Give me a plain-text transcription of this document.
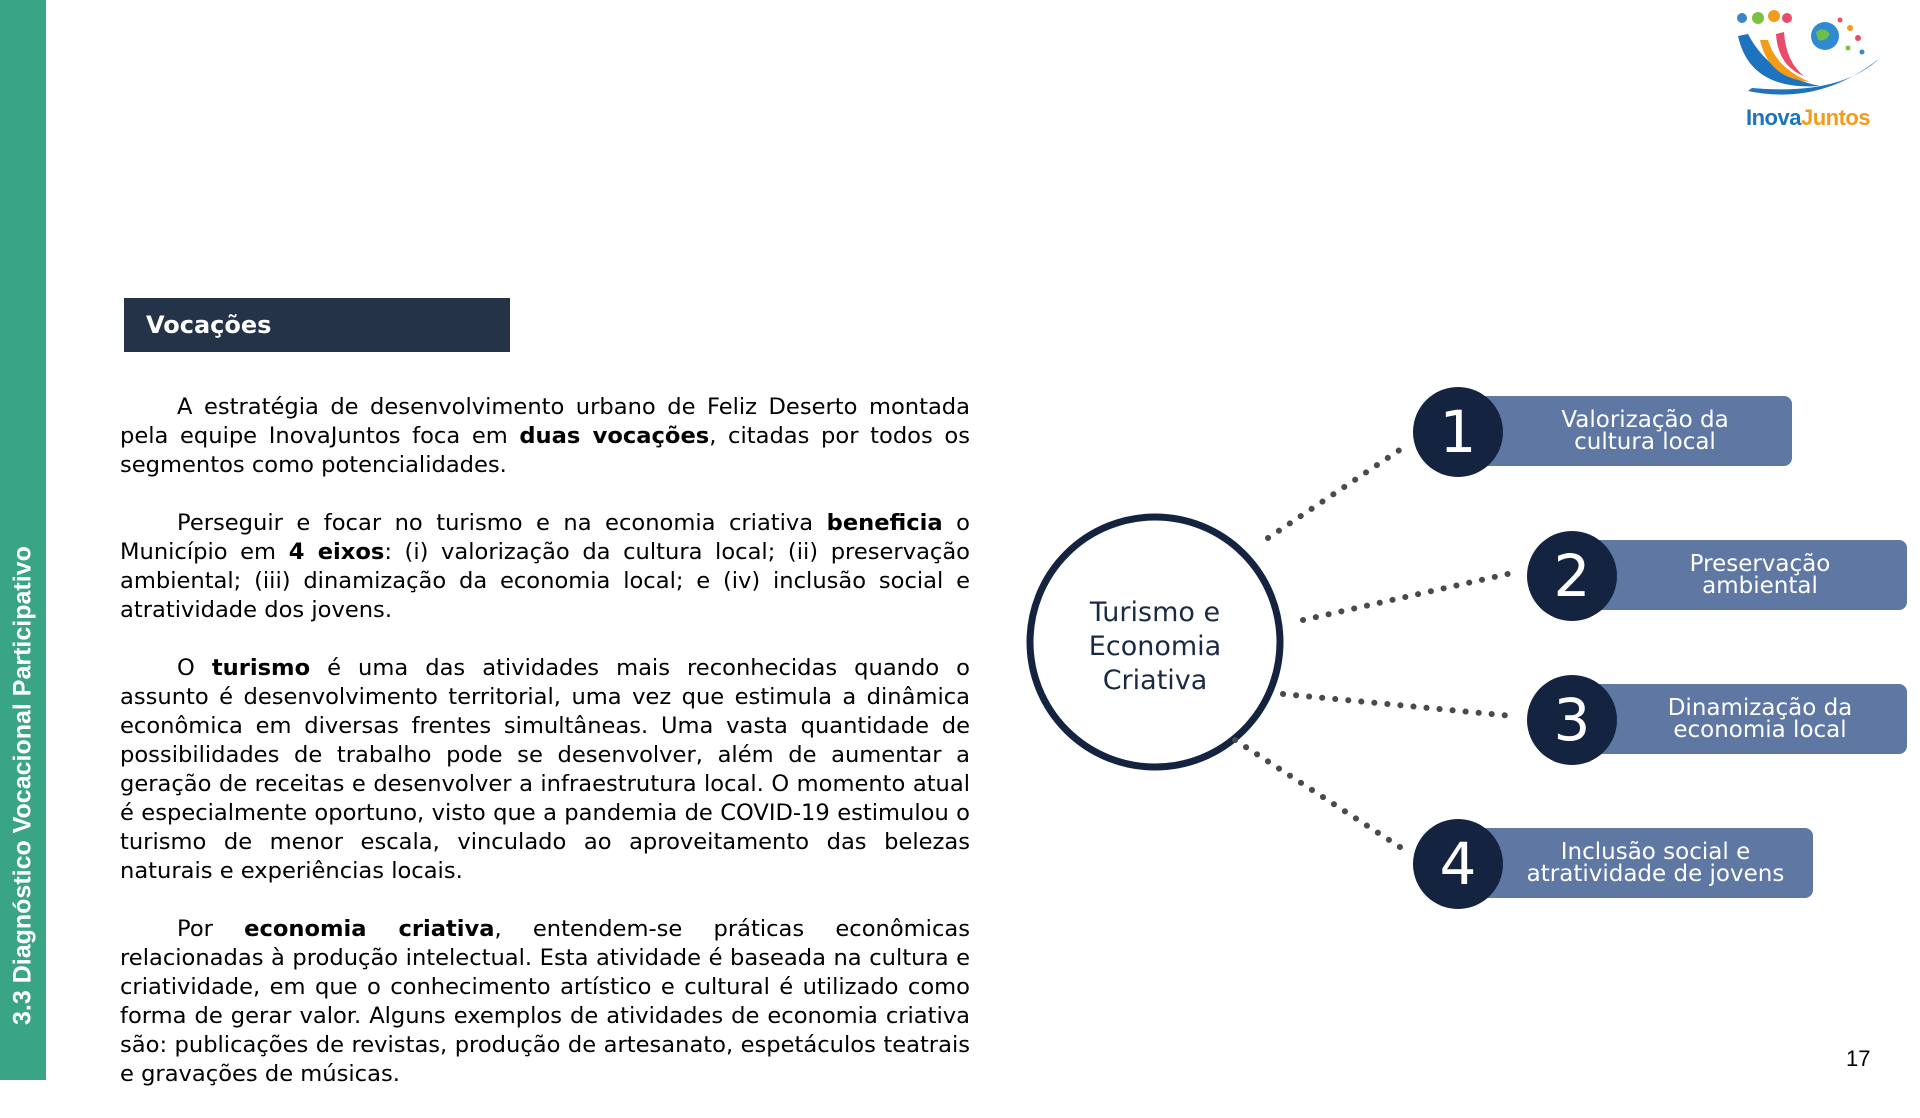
3.3 Diagnóstico Vocacional Participativo
InovaJuntos
Vocações

A estratégia de desenvolvimento urbano de Feliz Deserto montada pela equipe InovaJuntos foca em duas vocações, citadas por todos os segmentos como potencialidades.

Perseguir e focar no turismo e na economia criativa beneficia o Município em 4 eixos: (i) valorização da cultura local; (ii) preservação ambiental; (iii) dinamização da economia local; e (iv) inclusão social e atratividade dos jovens.

O turismo é uma das atividades mais reconhecidas quando o assunto é desenvolvimento territorial, uma vez que estimula a dinâmica econômica em diversas frentes simultâneas. Uma vasta quantidade de possibilidades de trabalho pode se desenvolver, além de aumentar a geração de receitas e desenvolver a infraestrutura local. O momento atual é especialmente oportuno, visto que a pandemia de COVID-19 estimulou o turismo de menor escala, vinculado ao aproveitamento das belezas naturais e experiências locais.

Por economia criativa, entendem-se práticas econômicas relacionadas à produção intelectual. Esta atividade é baseada na cultura e criatividade, em que o conhecimento artístico e cultural é utilizado como forma de gerar valor. Alguns exemplos de atividades de economia criativa são: publicações de revistas, produção de artesanato, espetáculos teatrais e gravações de músicas.

Turismo e
Economia
Criativa
Valorização da
cultura local
1
Preservação
ambiental
2
Dinamização da
economia local
3
Inclusão social e
atratividade de jovens
4
17
